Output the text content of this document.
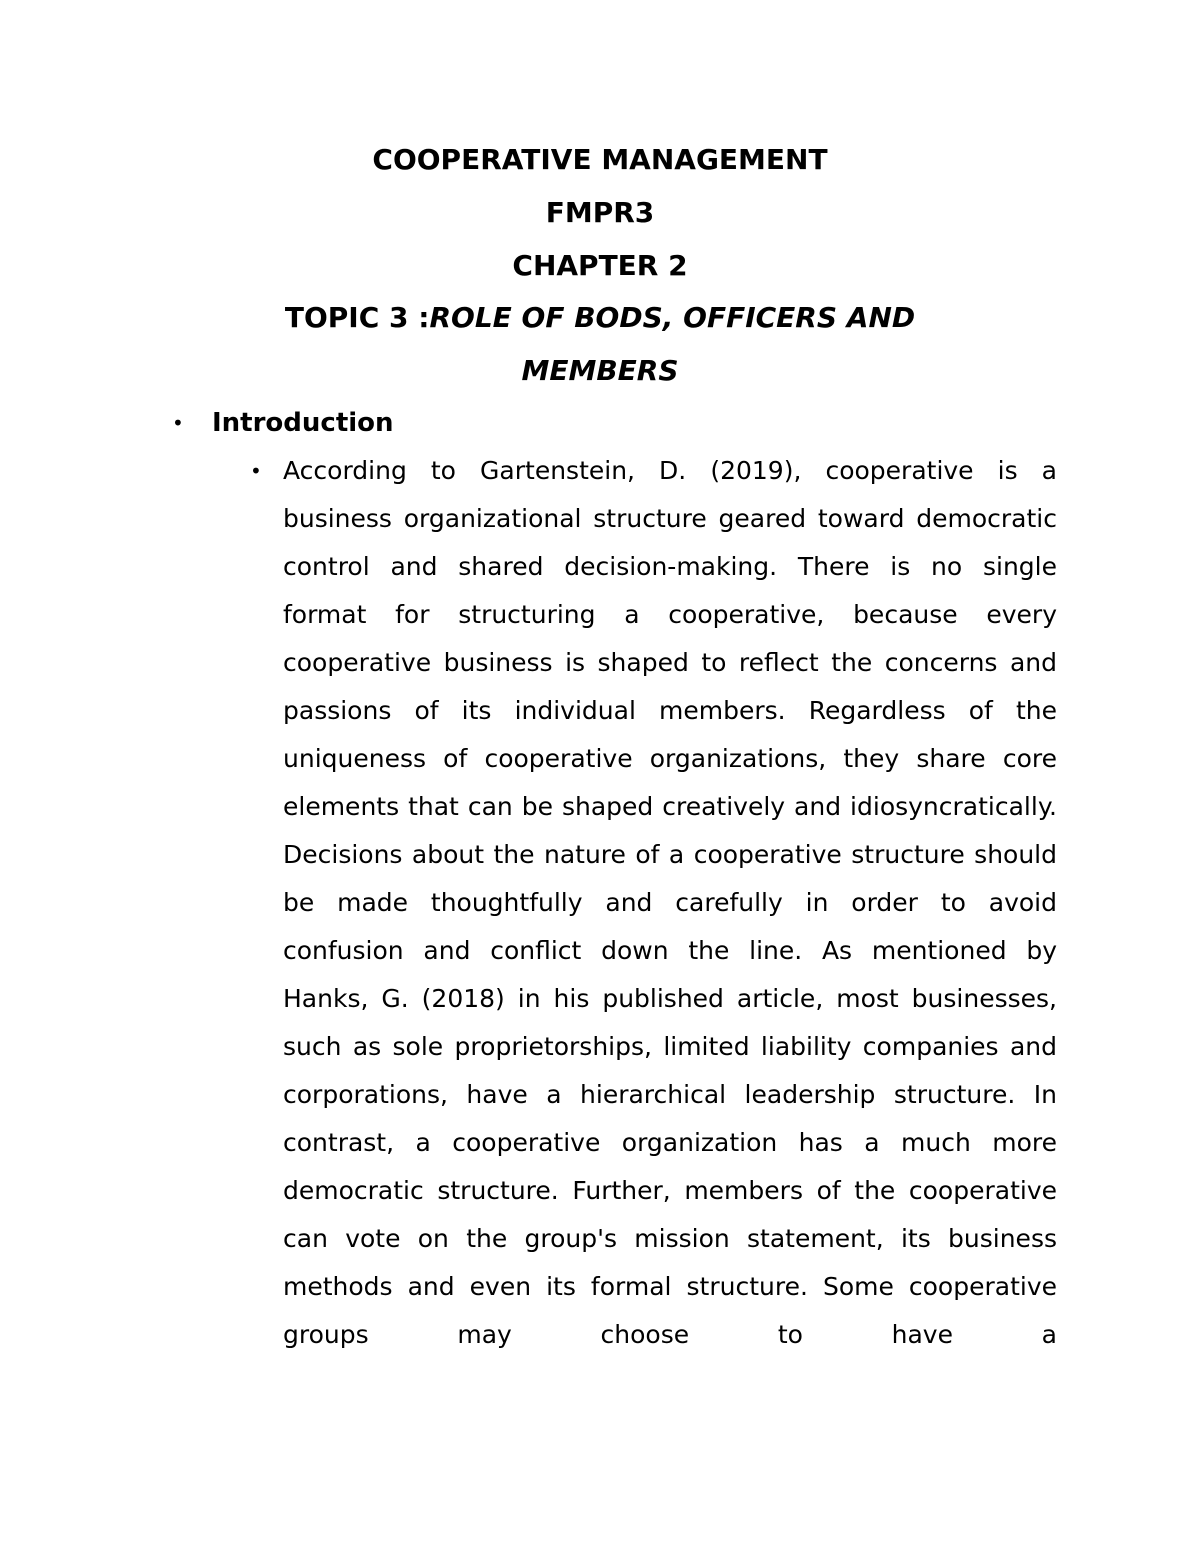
COOPERATIVE MANAGEMENT
FMPR3
CHAPTER 2
TOPIC 3 :ROLE OF BODS, OFFICERS AND
MEMBERS
• Introduction
• According to Gartenstein, D. (2019), cooperative is a business organizational structure geared toward democratic control and shared decision-making. There is no single format for structuring a cooperative, because every cooperative business is shaped to reflect the concerns and passions of its individual members. Regardless of the uniqueness of cooperative organizations, they share core elements that can be shaped creatively and idiosyncratically. Decisions about the nature of a cooperative structure should be made thoughtfully and carefully in order to avoid confusion and conflict down the line. As mentioned by Hanks, G. (2018) in his published article, most businesses, such as sole proprietorships, limited liability companies and corporations, have a hierarchical leadership structure. In contrast, a cooperative organization has a much more democratic structure. Further, members of the cooperative can vote on the group's mission statement, its business methods and even its formal structure. Some cooperative groups may choose to have a
